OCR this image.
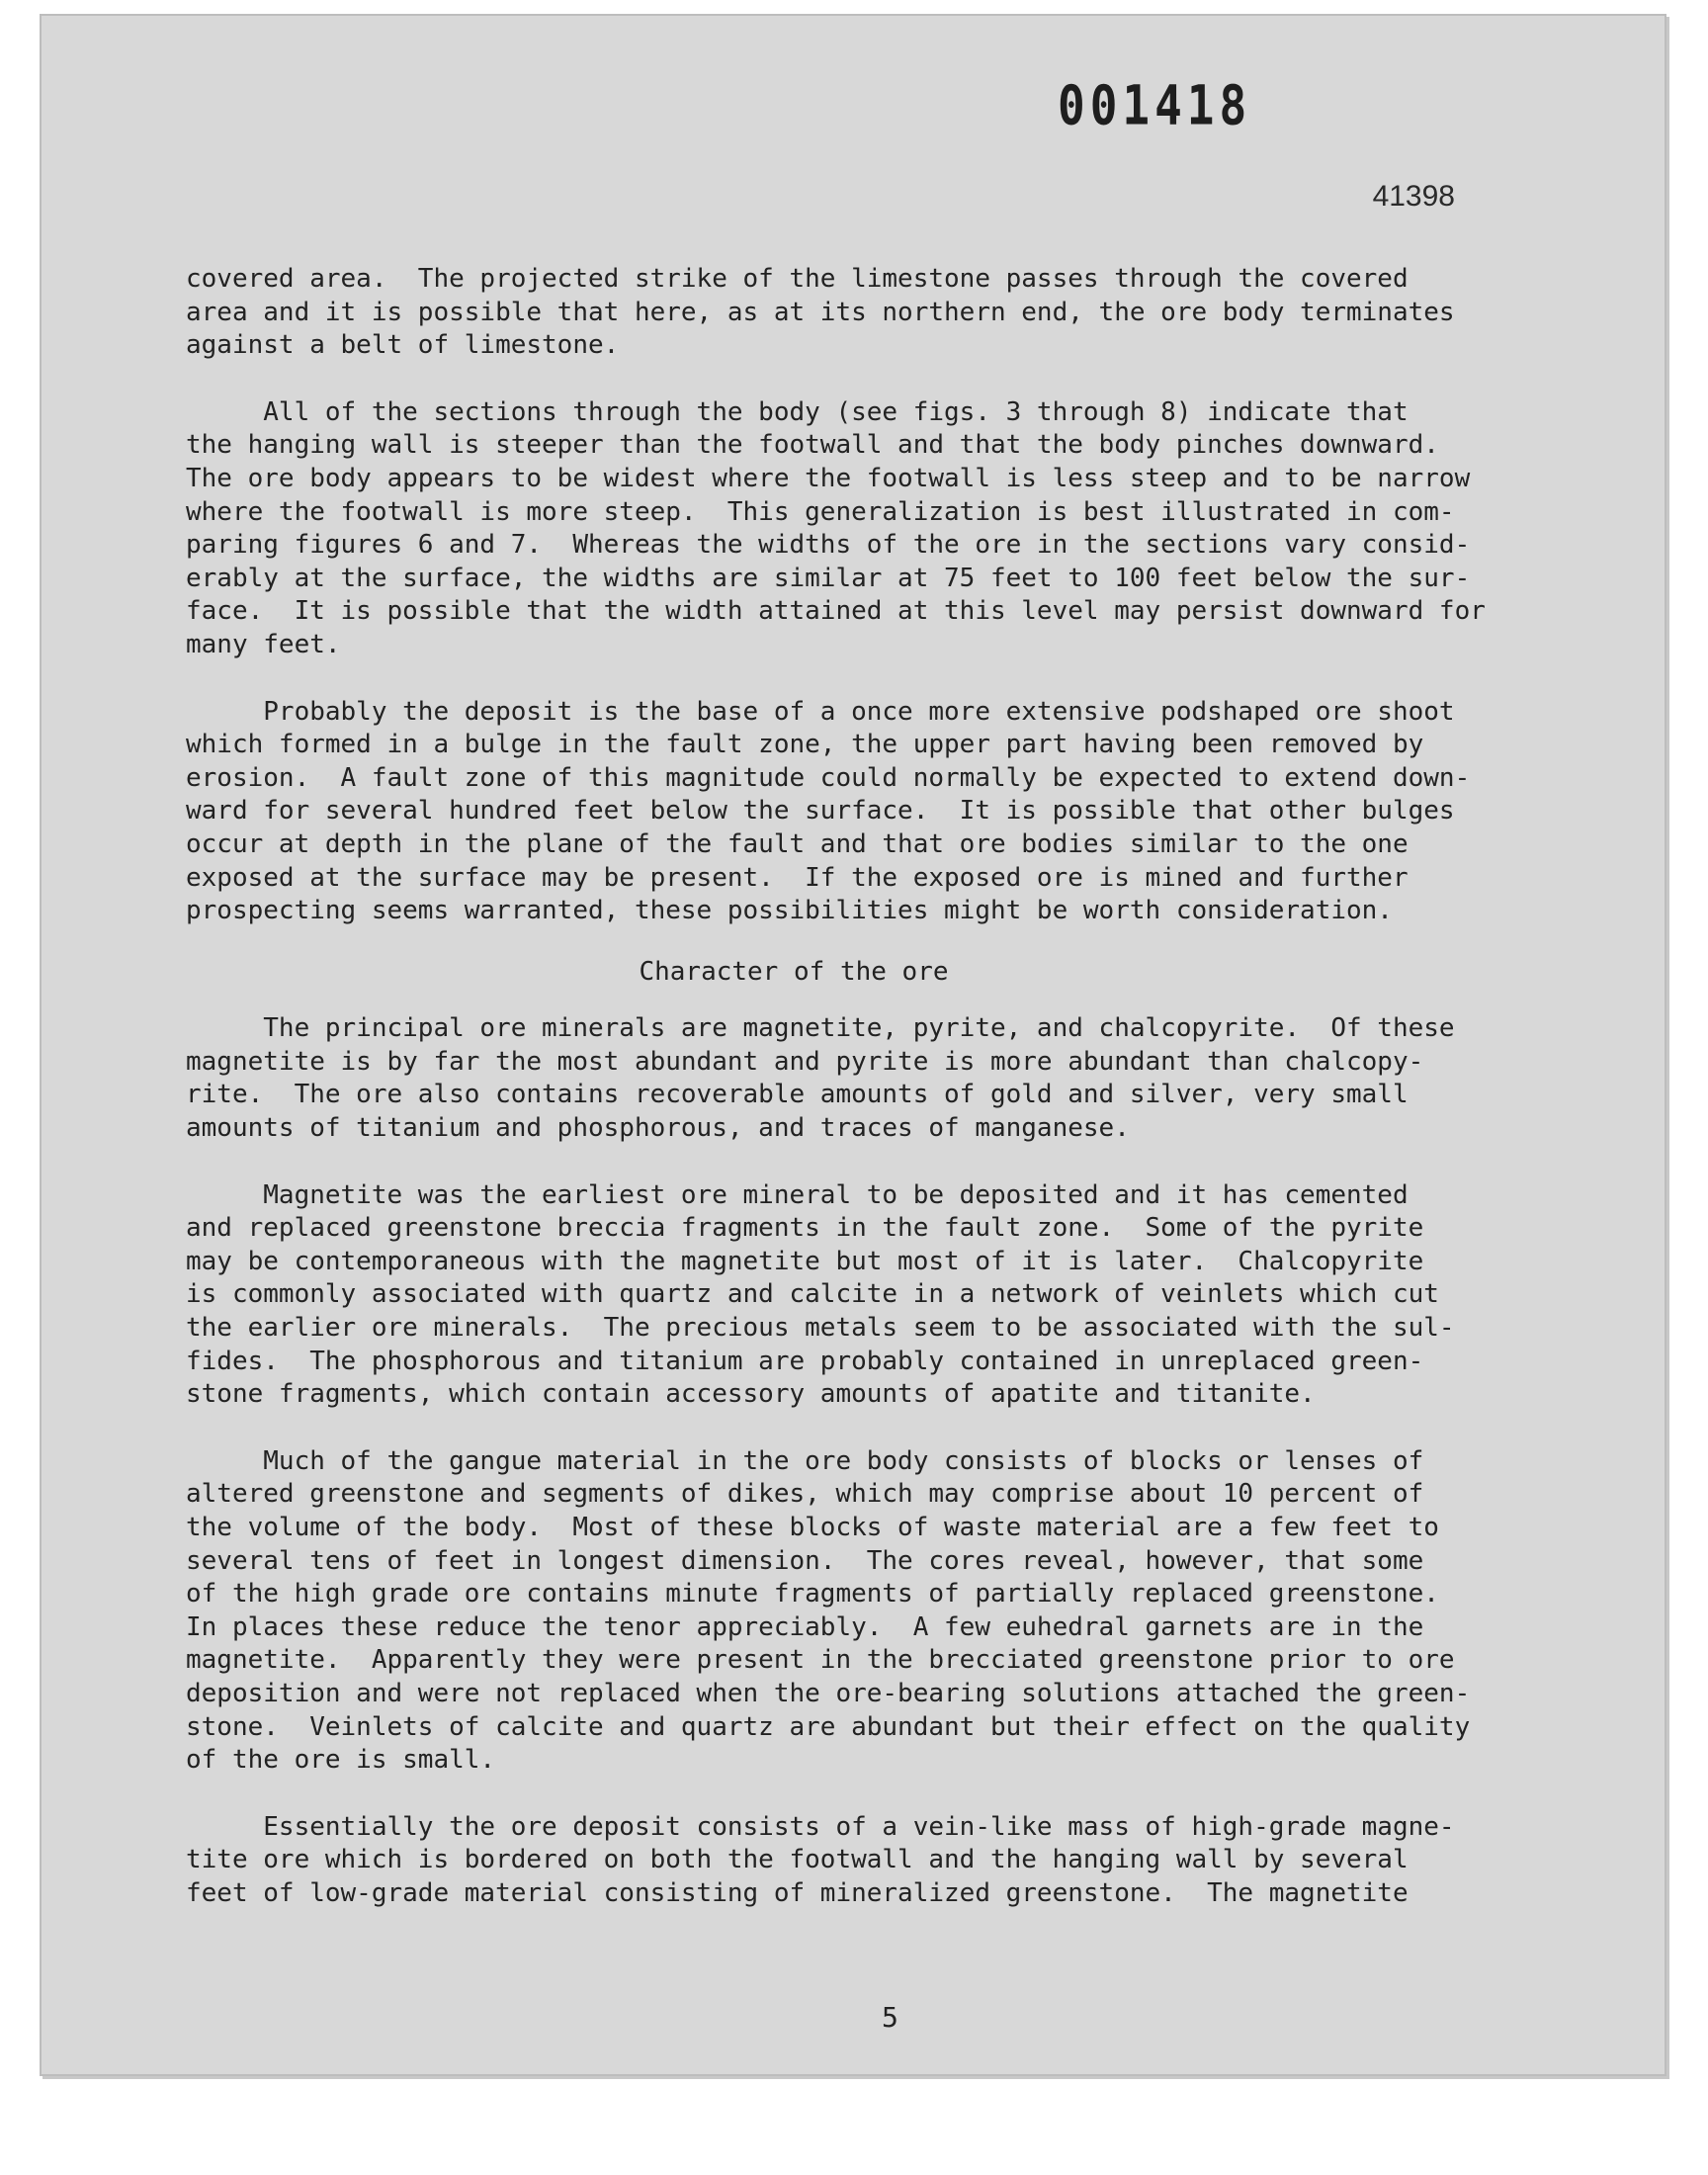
001418
41398
5
covered area.  The projected strike of the limestone passes through the covered
area and it is possible that here, as at its northern end, the ore body terminates
against a belt of limestone.
All of the sections through the body (see figs. 3 through 8) indicate that
the hanging wall is steeper than the footwall and that the body pinches downward.
The ore body appears to be widest where the footwall is less steep and to be narrow
where the footwall is more steep.  This generalization is best illustrated in com-
paring figures 6 and 7.  Whereas the widths of the ore in the sections vary consid-
erably at the surface, the widths are similar at 75 feet to 100 feet below the sur-
face.  It is possible that the width attained at this level may persist downward for
many feet.
Probably the deposit is the base of a once more extensive podshaped ore shoot
which formed in a bulge in the fault zone, the upper part having been removed by
erosion.  A fault zone of this magnitude could normally be expected to extend down-
ward for several hundred feet below the surface.  It is possible that other bulges
occur at depth in the plane of the fault and that ore bodies similar to the one
exposed at the surface may be present.  If the exposed ore is mined and further
prospecting seems warranted, these possibilities might be worth consideration.
Character of the ore
The principal ore minerals are magnetite, pyrite, and chalcopyrite.  Of these
magnetite is by far the most abundant and pyrite is more abundant than chalcopy-
rite.  The ore also contains recoverable amounts of gold and silver, very small
amounts of titanium and phosphorous, and traces of manganese.
Magnetite was the earliest ore mineral to be deposited and it has cemented
and replaced greenstone breccia fragments in the fault zone.  Some of the pyrite
may be contemporaneous with the magnetite but most of it is later.  Chalcopyrite
is commonly associated with quartz and calcite in a network of veinlets which cut
the earlier ore minerals.  The precious metals seem to be associated with the sul-
fides.  The phosphorous and titanium are probably contained in unreplaced green-
stone fragments, which contain accessory amounts of apatite and titanite.
Much of the gangue material in the ore body consists of blocks or lenses of
altered greenstone and segments of dikes, which may comprise about 10 percent of
the volume of the body.  Most of these blocks of waste material are a few feet to
several tens of feet in longest dimension.  The cores reveal, however, that some
of the high grade ore contains minute fragments of partially replaced greenstone.
In places these reduce the tenor appreciably.  A few euhedral garnets are in the
magnetite.  Apparently they were present in the brecciated greenstone prior to ore
deposition and were not replaced when the ore-bearing solutions attached the green-
stone.  Veinlets of calcite and quartz are abundant but their effect on the quality
of the ore is small.
Essentially the ore deposit consists of a vein-like mass of high-grade magne-
tite ore which is bordered on both the footwall and the hanging wall by several
feet of low-grade material consisting of mineralized greenstone.  The magnetite
